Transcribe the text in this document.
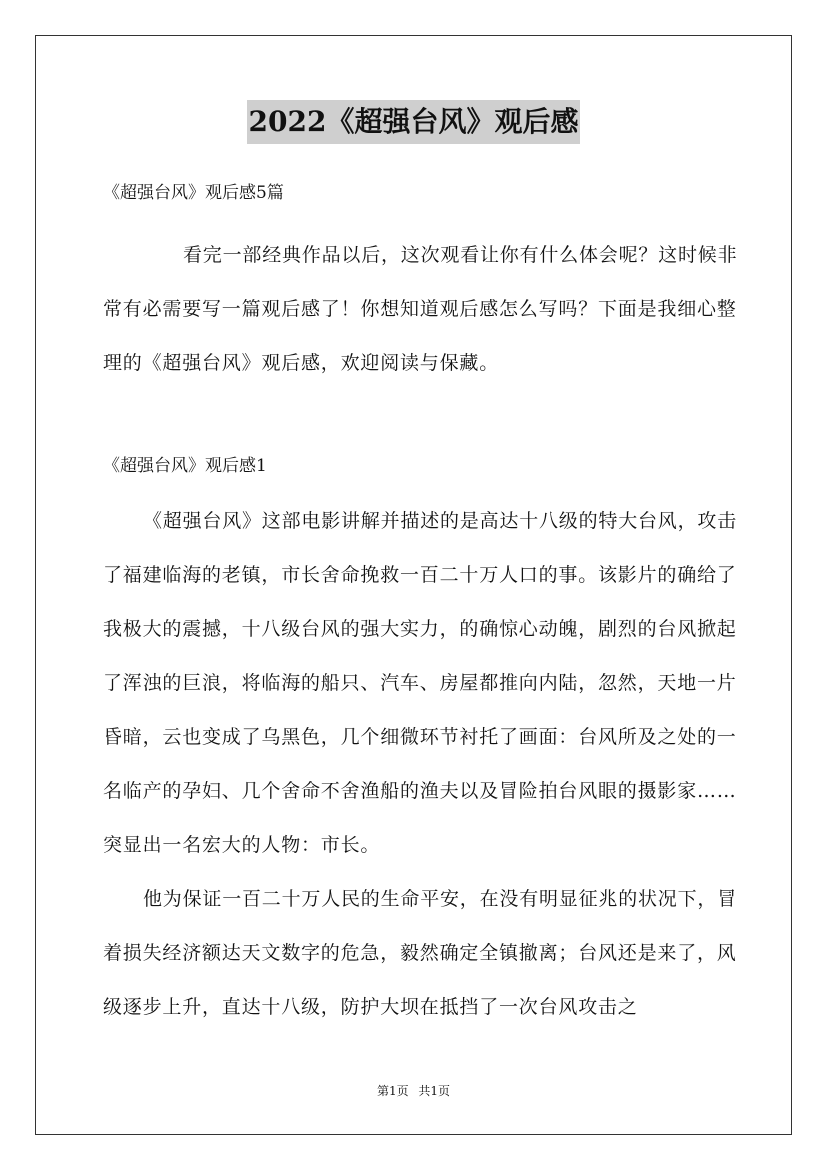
2022《超强台风》观后感
《超强台风》观后感5篇

看完一部经典作品以后，这次观看让你有什么体会呢？这时候非常有必需要写一篇观后感了！你想知道观后感怎么写吗？下面是我细心整理的《超强台风》观后感，欢迎阅读与保藏。

《超强台风》观后感1

《超强台风》这部电影讲解并描述的是高达十八级的特大台风，攻击了福建临海的老镇，市长舍命挽救一百二十万人口的事。该影片的确给了我极大的震撼，十八级台风的强大实力，的确惊心动魄，剧烈的台风掀起了浑浊的巨浪，将临海的船只、汽车、房屋都推向内陆，忽然，天地一片昏暗，云也变成了乌黑色，几个细微环节衬托了画面：台风所及之处的一名临产的孕妇、几个舍命不舍渔船的渔夫以及冒险拍台风眼的摄影家……突显出一名宏大的人物：市长。

他为保证一百二十万人民的生命平安，在没有明显征兆的状况下，冒着损失经济额达天文数字的危急，毅然确定全镇撤离；台风还是来了，风级逐步上升，直达十八级，防护大坝在抵挡了一次台风攻击之

第1页 共1页
